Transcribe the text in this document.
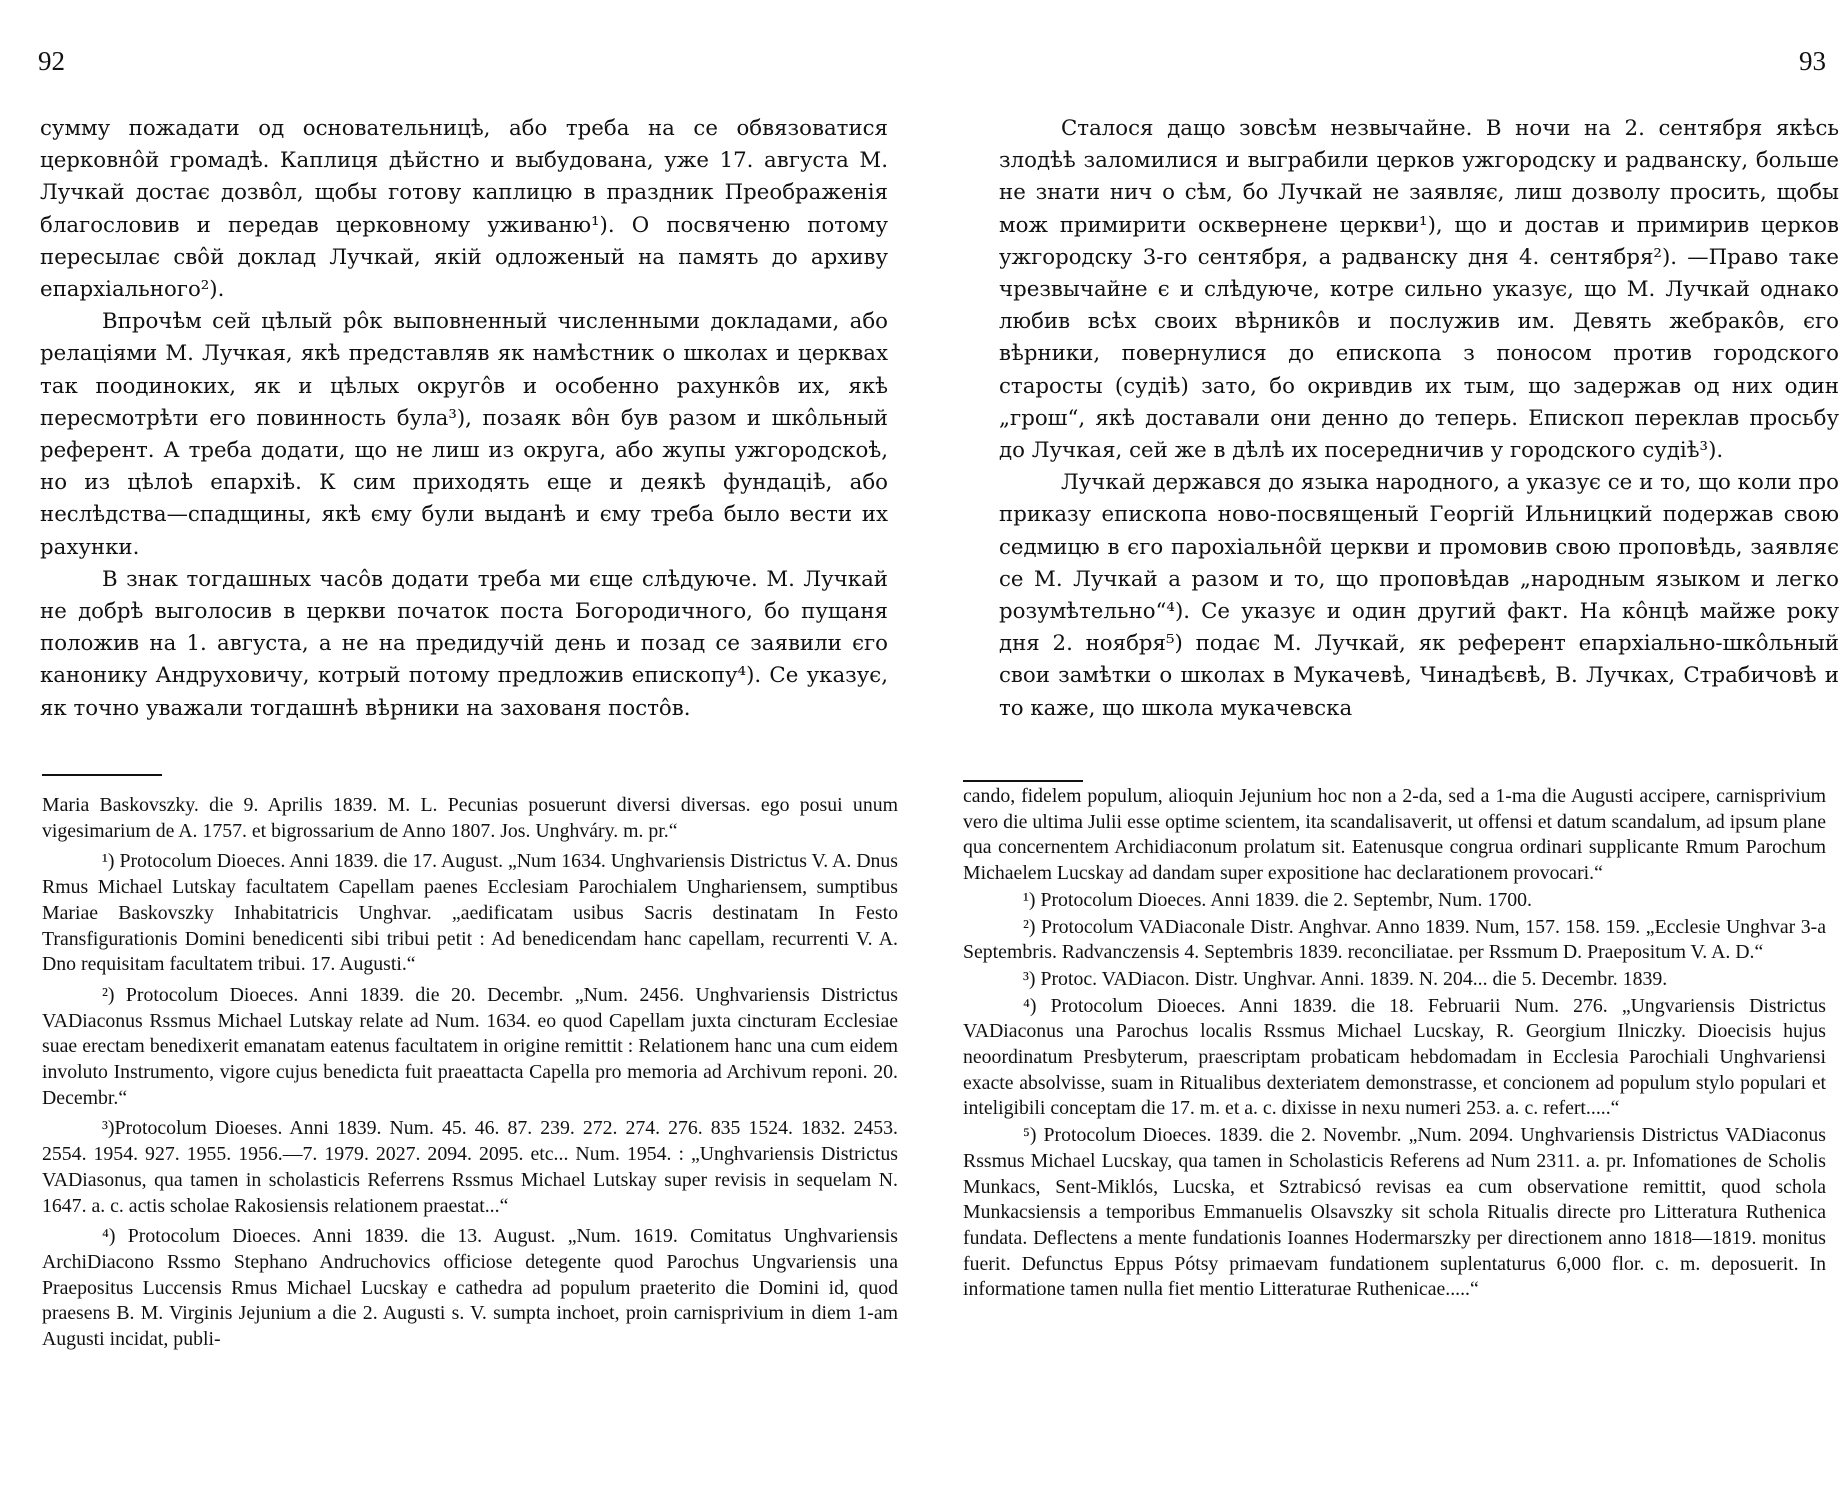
92

сумму пожадати од основательницѣ, або треба на се обвязоватися церковнôй громадѣ. Каплиця дѣйстно и выбудована, уже 17. августа М. Лучкай достає дозвôл, щобы готову каплицю в праздник Преображенія благословив и передав церковному уживаню¹). О посвяченю потому пересылає свôй доклад Лучкай, якій одложеный на память до архиву епархіального²).

Впрочѣм сей цѣлый рôк выповненный численными докладами, або релаціями М. Лучкая, якѣ представляв як намѣстник о школах и церквах так поодиноких, як и цѣлых округôв и особенно рахункôв их, якѣ пересмотрѣти его повинность була³), позаяк вôн був разом и шкôльный референт. А треба додати, що не лиш из округа, або жупы ужгородскоѣ, но из цѣлоѣ епархіѣ. К сим приходять еще и деякѣ фундаціѣ, або неслѣдства—спадщины, якѣ єму були выданѣ и єму треба было вести их рахунки.

В знак тогдашных часôв додати треба ми єще слѣдуюче. М. Лучкай не добрѣ выголосив в церкви початок поста Богородичного, бо пущаня положив на 1. августа, а не на предидучій день и позад се заявили єго канонику Андруховичу, котрый потому предложив епископу⁴). Се указує, як точно уважали тогдашнѣ вѣрники на захованя постôв.

Maria Baskovszky. die 9. Aprilis 1839. M. L. Pecunias posuerunt diversi diversas. ego posui unum vigesimarium de A. 1757. et bigrossarium de Anno 1807. Jos. Unghváry. m. pr.“

¹) Protocolum Dioeces. Anni 1839. die 17. August. „Num 1634. Unghvariensis Districtus V. A. Dnus Rmus Michael Lutskay facultatem Capellam paenes Ecclesiam Parochialem Unghariensem, sumptibus Mariae Baskovszky Inhabitatricis Unghvar. „aedificatam usibus Sacris destinatam In Festo Transfigurationis Domini benedicenti sibi tribui petit : Ad benedicendam hanc capellam, recurrenti V. A. Dno requisitam facultatem tribui. 17. Augusti.“

²) Protocolum Dioeces. Anni 1839. die 20. Decembr. „Num. 2456. Unghvariensis Districtus VADiaconus Rssmus Michael Lutskay relate ad Num. 1634. eo quod Capellam juxta cincturam Ecclesiae suae erectam benedixerit emanatam eatenus facultatem in origine remittit : Relationem hanc una cum eidem involuto Instrumento, vigore cujus benedicta fuit praeattacta Capella pro memoria ad Archivum reponi. 20. Decembr.“

³)Protocolum Dioeses. Anni 1839. Num. 45. 46. 87. 239. 272. 274. 276. 835 1524. 1832. 2453. 2554. 1954. 927. 1955. 1956.—7. 1979. 2027. 2094. 2095. etc... Num. 1954. : „Unghvariensis Districtus VADiasonus, qua tamen in scholasticis Referrens Rssmus Michael Lutskay super revisis in sequelam N. 1647. a. c. actis scholae Rakosiensis relationem praestat...“

⁴) Protocolum Dioeces. Anni 1839. die 13. August. „Num. 1619. Comitatus Unghvariensis ArchiDiacono Rssmo Stephano Andruchovics officiose detegente quod Parochus Ungvariensis una Praepositus Luccensis Rmus Michael Lucskay e cathedra ad populum praeterito die Domini id, quod praesens B. M. Virginis Jejunium a die 2. Augusti s. V. sumpta inchoet, proin carnisprivium in diem 1-am Augusti incidat, publi-

93

Сталося дащо зовсѣм незвычайне. В ночи на 2. сентября якѣсь злодѣѣ заломилися и выграбили церков ужгородску и радванску, больше не знати нич о сѣм, бо Лучкай не заявляє, лиш дозволу просить, щобы мож примирити осквернене церкви¹), що и достав и примирив церков ужгородску 3-го сентября, а радванску дня 4. сентября²). —Право таке чрезвычайне є и слѣдуюче, котре сильно указує, що М. Лучкай однако любив всѣх своих вѣрникôв и послужив им. Девять жебракôв, єго вѣрники, повернулися до епископа з поносом против городского старосты (судіѣ) зато, бо окривдив их тым, що задержав од них один „грош“, якѣ доставали они денно до теперь. Епископ переклав просьбу до Лучкая, сей же в дѣлѣ их посередничив у городского судіѣ³).

Лучкай держався до языка народного, а указує се и то, що коли про приказу епископа ново-посвященый Георгій Ильницкий подержав свою седмицю в єго парохіальнôй церкви и промовив свою проповѣдь, заявляє се М. Лучкай а разом и то, що проповѣдав „народным языком и легко розумѣтельно“⁴). Се указує и один другий факт. На кôнцѣ майже року дня 2. ноября⁵) подає М. Лучкай, як референт епархіально-шкôльный свои замѣтки о школах в Мукачевѣ, Чинадѣєвѣ, В. Лучках, Страбичовѣ и то каже, що школа мукачевска

cando, fidelem populum, alioquin Jejunium hoc non a 2-da, sed a 1-ma die Augusti accipere, carnisprivium vero die ultima Julii esse optime scientem, ita scandalisaverit, ut offensi et datum scandalum, ad ipsum plane qua concernentem Archidiaconum prolatum sit. Eatenusque congrua ordinari supplicante Rmum Parochum Michaelem Lucskay ad dandam super expositione hac declarationem provocari.“

¹) Protocolum Dioeces. Anni 1839. die 2. Septembr, Num. 1700.

²) Protocolum VADiaconale Distr. Anghvar. Anno 1839. Num, 157. 158. 159. „Ecclesie Unghvar 3-a Septembris. Radvanczensis 4. Septembris 1839. reconciliatae. per Rssmum D. Praepositum V. A. D.“

³) Protoc. VADiacon. Distr. Unghvar. Anni. 1839. N. 204... die 5. Decembr. 1839.

⁴) Protocolum Dioeces. Anni 1839. die 18. Februarii Num. 276. „Ungvariensis Districtus VADiaconus una Parochus localis Rssmus Michael Lucskay, R. Georgium Ilniczky. Dioecisis hujus neoordinatum Presbyterum, praescriptam probaticam hebdomadam in Ecclesia Parochiali Unghvariensi exacte absolvisse, suam in Ritualibus dexteriatem demonstrasse, et concionem ad populum stylo populari et inteligibili conceptam die 17. m. et a. c. dixisse in nexu numeri 253. a. c. refert.....“

⁵) Protocolum Dioeces. 1839. die 2. Novembr. „Num. 2094. Unghvariensis Districtus VADiaconus Rssmus Michael Lucskay, qua tamen in Scholasticis Referens ad Num 2311. a. pr. Infomationes de Scholis Munkacs, Sent-Miklós, Lucska, et Sztrabicsó revisas ea cum observatione remittit, quod schola Munkacsiensis a temporibus Emmanuelis Olsavszky sit schola Ritualis directe pro Litteratura Ruthenica fundata. Deflectens a mente fundationis Ioannes Hodermarszky per directionem anno 1818—1819. monitus fuerit. Defunctus Eppus Pótsy primaevam fundationem suplentaturus 6,000 flor. c. m. deposuerit. In informatione tamen nulla fiet mentio Litteraturae Ruthenicae.....“
